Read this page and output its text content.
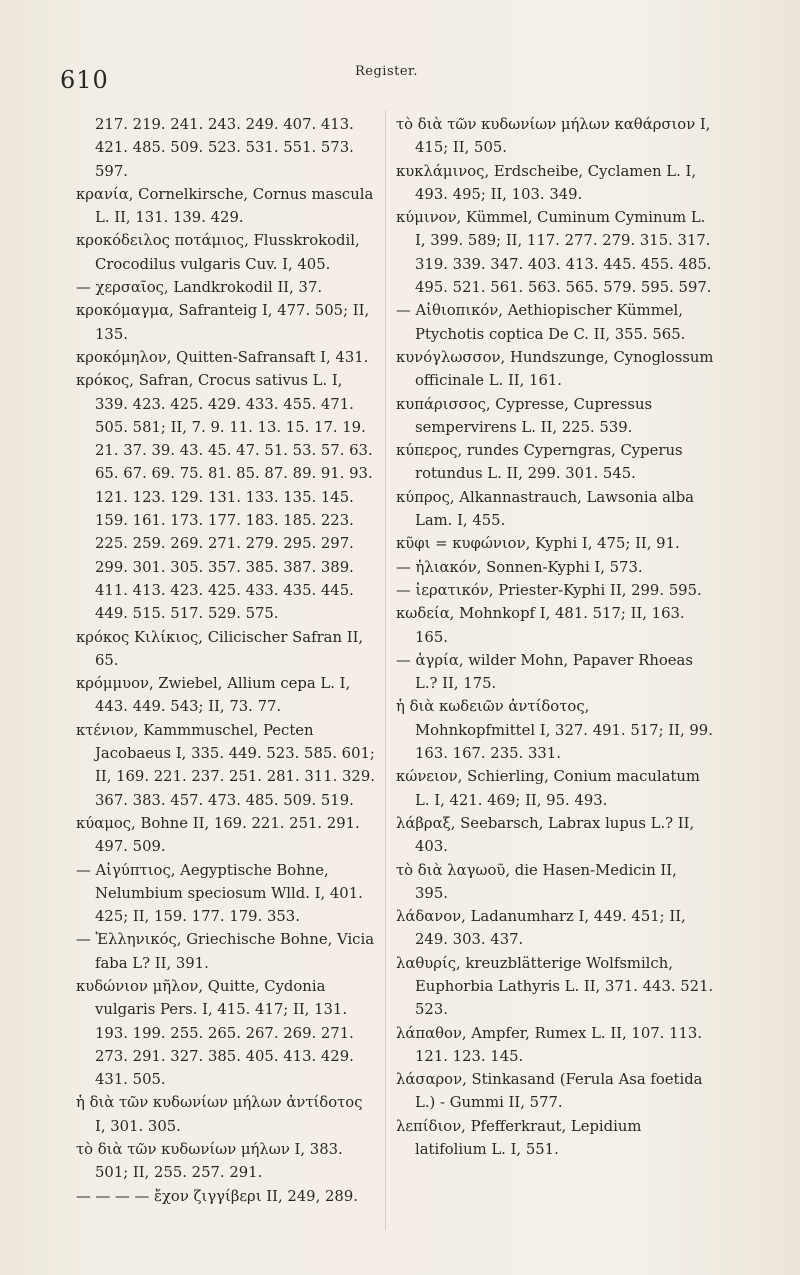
610	Register.

217. 219. 241. 243. 249. 407. 413. 421. 485. 509. 523. 531. 551. 573. 597.

κρανία, Cornelkirsche, Cornus mascula L. II, 131. 139. 429.

κροκόδειλος ποτάμιος, Flusskrokodil, Crocodilus vulgaris Cuv. I, 405.

— χερσαῖος, Landkrokodil II, 37.

κροκόμαγμα, Safranteig I, 477. 505; II, 135.

κροκόμηλον, Quitten-Safransaft I, 431.

κρόκος, Safran, Crocus sativus L. I, 339. 423. 425. 429. 433. 455. 471. 505. 581; II, 7. 9. 11. 13. 15. 17. 19. 21. 37. 39. 43. 45. 47. 51. 53. 57. 63. 65. 67. 69. 75. 81. 85. 87. 89. 91. 93. 121. 123. 129. 131. 133. 135. 145. 159. 161. 173. 177. 183. 185. 223. 225. 259. 269. 271. 279. 295. 297. 299. 301. 305. 357. 385. 387. 389. 411. 413. 423. 425. 433. 435. 445. 449. 515. 517. 529. 575.

κρόκος Κιλίκιος, Cilicischer Safran II, 65.

κρόμμυον, Zwiebel, Allium cepa L. I, 443. 449. 543; II, 73. 77.

κτένιον, Kammmuschel, Pecten Jacobaeus I, 335. 449. 523. 585. 601; II, 169. 221. 237. 251. 281. 311. 329. 367. 383. 457. 473. 485. 509. 519.

κύαμος, Bohne II, 169. 221. 251. 291. 497. 509.

— Αἰγύπτιος, Aegyptische Bohne, Nelumbium speciosum Wlld. I, 401. 425; II, 159. 177. 179. 353.

— Ἑλληνικός, Griechische Bohne, Vicia faba L? II, 391.

κυδώνιον μῆλον, Quitte, Cydonia vulgaris Pers. I, 415. 417; II, 131. 193. 199. 255. 265. 267. 269. 271. 273. 291. 327. 385. 405. 413. 429. 431. 505.

ἡ διὰ τῶν κυδωνίων μήλων ἀντίδοτος I, 301. 305.

τὸ διὰ τῶν κυδωνίων μήλων I, 383. 501; II, 255. 257. 291.

— — — — ἔχον ζιγγίβερι II, 249, 289.

τὸ διὰ τῶν κυδωνίων μήλων καθάρσιον I, 415; II, 505.

κυκλάμινος, Erdscheibe, Cyclamen L. I, 493. 495; II, 103. 349.

κύμινον, Kümmel, Cuminum Cyminum L. I, 399. 589; II, 117. 277. 279. 315. 317. 319. 339. 347. 403. 413. 445. 455. 485. 495. 521. 561. 563. 565. 579. 595. 597.

— Αἰθιοπικόν, Aethiopischer Kümmel, Ptychotis coptica De C. II, 355. 565.

κυνόγλωσσον, Hundszunge, Cynoglossum officinale L. II, 161.

κυπάρισσος, Cypresse, Cupressus sempervirens L. II, 225. 539.

κύπερος, rundes Cyperngras, Cyperus rotundus L. II, 299. 301. 545.

κύπρος, Alkannastrauch, Lawsonia alba Lam. I, 455.

κῦφι = κυφώνιον, Kyphi I, 475; II, 91.

— ἡλιακόν, Sonnen-Kyphi I, 573.

— ἱερατικόν, Priester-Kyphi II, 299. 595.

κωδεία, Mohnkopf I, 481. 517; II, 163. 165.

— ἀγρία, wilder Mohn, Papaver Rhoeas L.? II, 175.

ἡ διὰ κωδειῶν ἀντίδοτος, Mohnkopfmittel I, 327. 491. 517; II, 99. 163. 167. 235. 331.

κώνειον, Schierling, Conium maculatum L. I, 421. 469; II, 95. 493.

λάβραξ, Seebarsch, Labrax lupus L.? II, 403.

τὸ διὰ λαγωοῦ, die Hasen-Medicin II, 395.

λάδανον, Ladanumharz I, 449. 451; II, 249. 303. 437.

λαθυρίς, kreuzblätterige Wolfsmilch, Euphorbia Lathyris L. II, 371. 443. 521. 523.

λάπαθον, Ampfer, Rumex L. II, 107. 113. 121. 123. 145.

λάσαρον, Stinkasand (Ferula Asa foetida L.) - Gummi II, 577.

λεπίδιον, Pfefferkraut, Lepidium latifolium L. I, 551.
